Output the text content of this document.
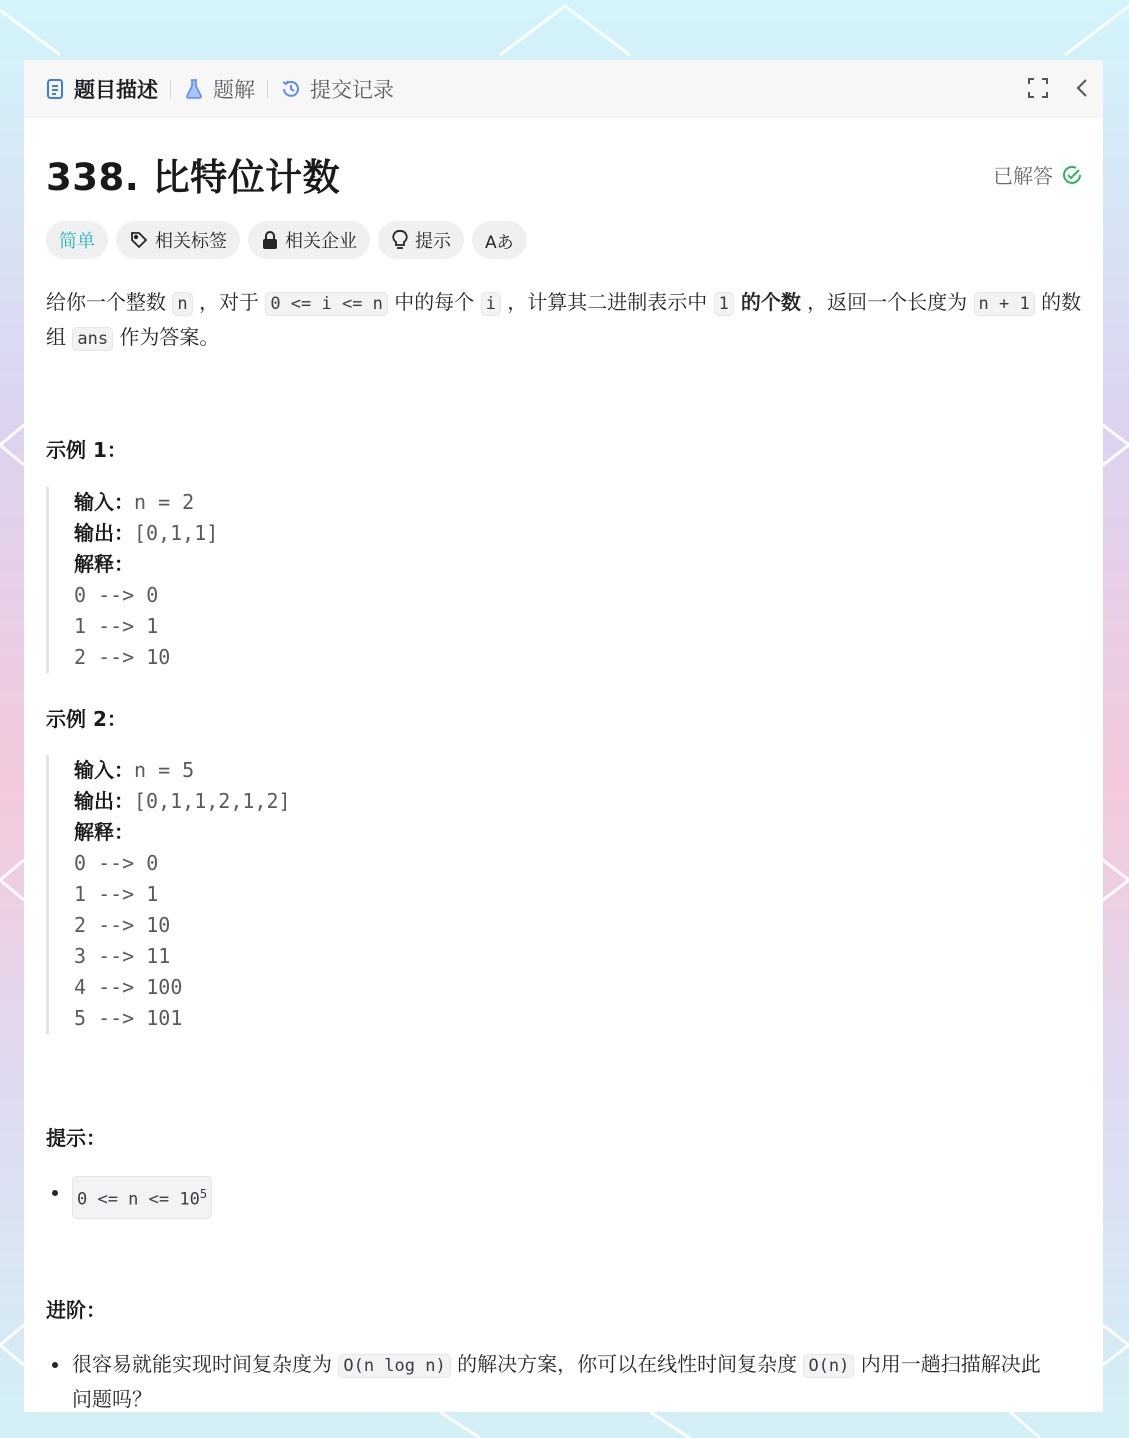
题目描述	题解	提交记录
338. 比特位计数	已解答
简单	相关标签	相关企业	提示 Aあ
给你一个整数 n ，对于 0 <= i <= n 中的每个 i ，计算其二进制表示中 1 的个数 ，返回一个长度为 n + 1 的数组 ans 作为答案。
示例 1：
输入：n = 2
输出：[0,1,1]
解释：
0 --> 0
1 --> 1
2 --> 10
示例 2：
输入：n = 5
输出：[0,1,1,2,1,2]
解释：
0 --> 0
1 --> 1
2 --> 10
3 --> 11
4 --> 100
5 --> 101
提示：
$0 <= n <= 10^5$
进阶：
很容易就能实现时间复杂度为 O(n log n) 的解决方案，你可以在线性时间复杂度 O(n) 内用一趟扫描解决此问题吗？
